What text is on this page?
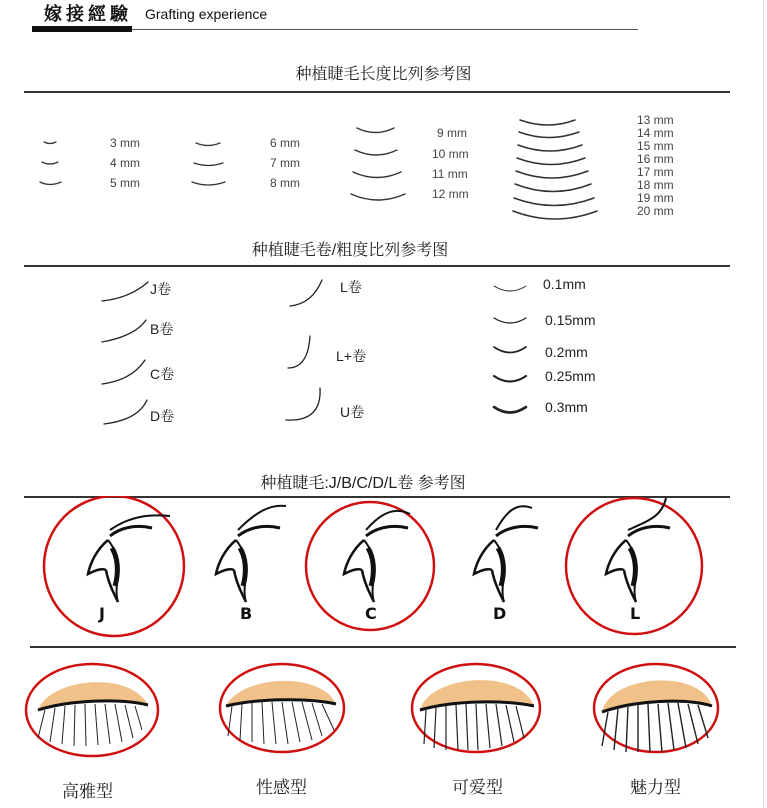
嫁接經驗 Grafting experience
种植睫毛长度比列参考图
3 mm
4 mm
5 mm
6 mm
7 mm
8 mm
9 mm
10 mm
11 mm
12 mm
13 mm
14 mm
15 mm
16 mm
17 mm
18 mm
19 mm
20 mm
种植睫毛卷/粗度比列参考图
J卷
B卷
C卷
D卷
L卷
L+卷
U卷
0.1mm
0.15mm
0.2mm
0.25mm
0.3mm
种植睫毛:J/B/C/D/L卷 参考图
J	B	C	D	L
高雅型	性感型	可爱型	魅力型
